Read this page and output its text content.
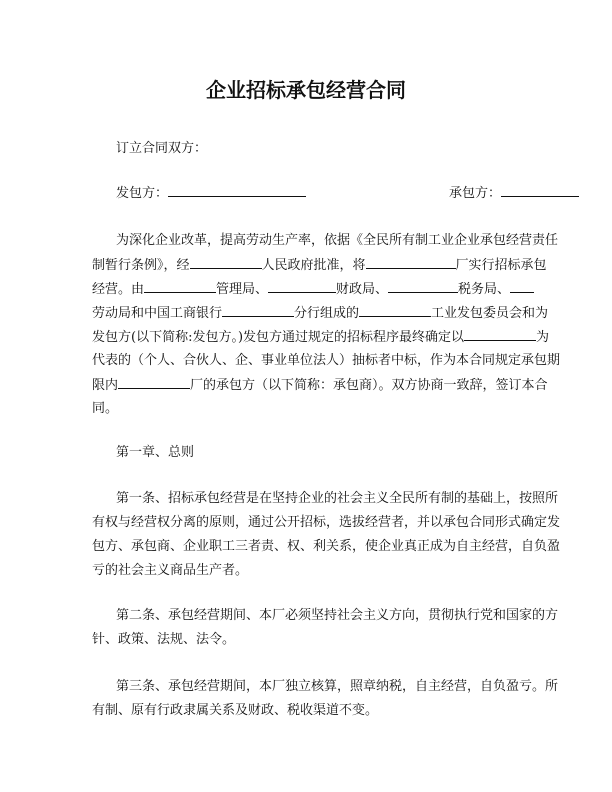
企业招标承包经营合同
订立合同双方：
发包方：	　　　　　　　　　　　承包方：
为深化企业改革，提高劳动生产率，依据《全民所有制工业企业承包经营责任
制暂行条例》，经	人民政府批准，将	厂实行招标承包
经营。由	管理局、	财政局、	税务局、
劳动局和中国工商银行	分行组成的	工业发包委员会和为
发包方(以下简称:发包方。)发包方通过规定的招标程序最终确定以	为
代表的（个人、合伙人、企、事业单位法人）抽标者中标，作为本合同规定承包期
限内	厂的承包方（以下简称：承包商）。双方协商一致辞，签订本合
同。
第一章、总则
第一条、招标承包经营是在坚持企业的社会主义全民所有制的基础上，按照所
有权与经营权分离的原则，通过公开招标，选拔经营者，并以承包合同形式确定发
包方、承包商、企业职工三者责、权、利关系，使企业真正成为自主经营，自负盈
亏的社会主义商品生产者。
第二条、承包经营期间、本厂必须坚持社会主义方向，贯彻执行党和国家的方
针、政策、法规、法令。
第三条、承包经营期间，本厂独立核算，照章纳税，自主经营，自负盈亏。所
有制、原有行政隶属关系及财政、税收渠道不变。
